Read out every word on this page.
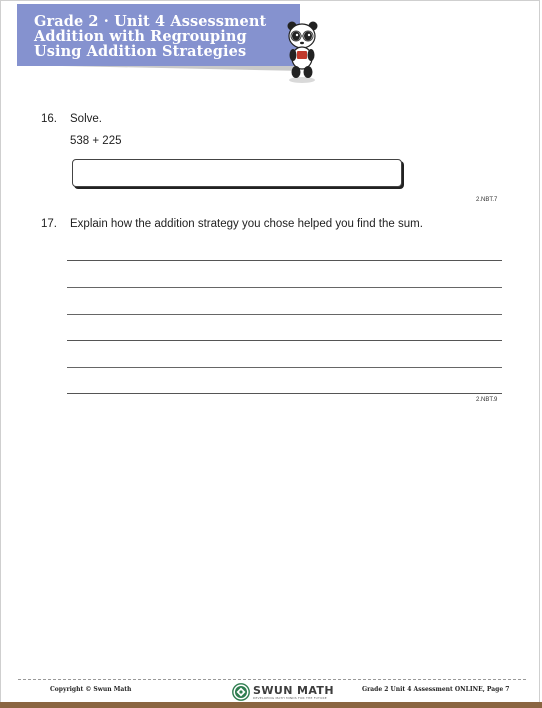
Grade 2 · Unit 4 Assessment
Addition with Regrouping
Using Addition Strategies
16. Solve.
538 + 225
2.NBT.7
17. Explain how the addition strategy you chose helped you find the sum.
2.NBT.9
Copyright © Swun Math	SWUN MATH
DEVELOPING MATH MINDS FOR THE FUTURE
Grade 2 Unit 4 Assessment ONLINE, Page 7
